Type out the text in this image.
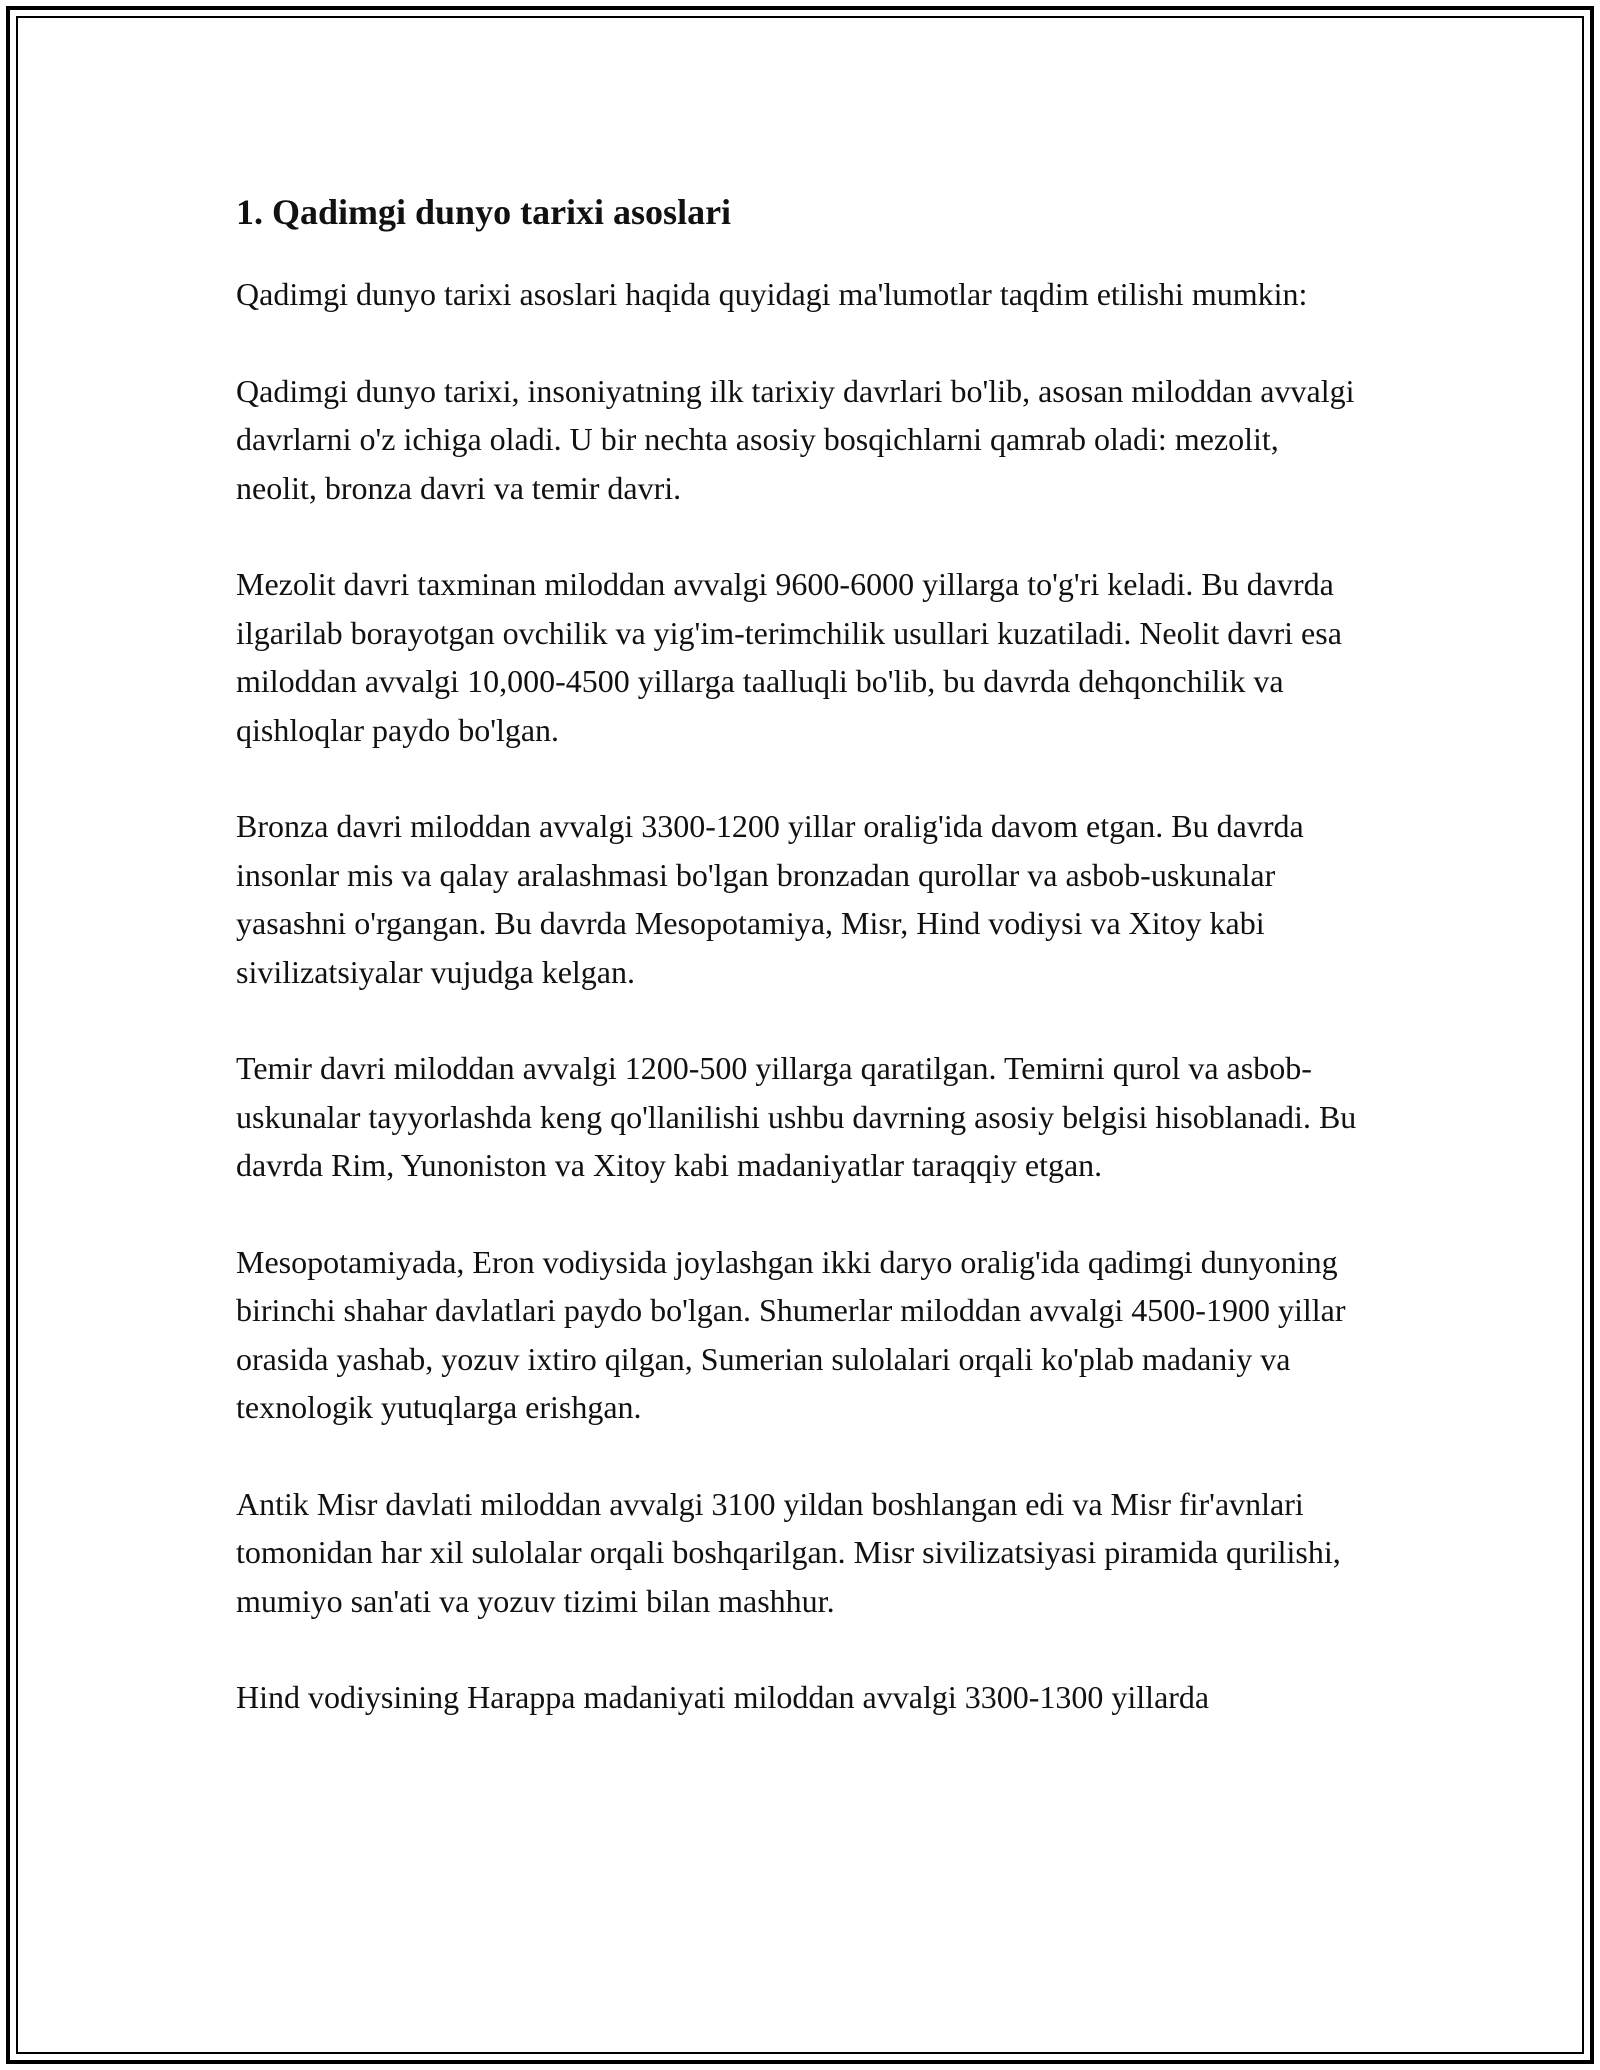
1. Qadimgi dunyo tarixi asoslari

Qadimgi dunyo tarixi asoslari haqida quyidagi ma'lumotlar taqdim etilishi mumkin:

Qadimgi dunyo tarixi, insoniyatning ilk tarixiy davrlari bo'lib, asosan miloddan avvalgi davrlarni o'z ichiga oladi. U bir nechta asosiy bosqichlarni qamrab oladi: mezolit, neolit, bronza davri va temir davri.

Mezolit davri taxminan miloddan avvalgi 9600-6000 yillarga to'g'ri keladi. Bu davrda ilgarilab borayotgan ovchilik va yig'im-terimchilik usullari kuzatiladi. Neolit davri esa miloddan avvalgi 10,000-4500 yillarga taalluqli bo'lib, bu davrda dehqonchilik va qishloqlar paydo bo'lgan.

Bronza davri miloddan avvalgi 3300-1200 yillar oralig'ida davom etgan. Bu davrda insonlar mis va qalay aralashmasi bo'lgan bronzadan qurollar va asbob-uskunalar yasashni o'rgangan. Bu davrda Mesopotamiya, Misr, Hind vodiysi va Xitoy kabi sivilizatsiyalar vujudga kelgan.

Temir davri miloddan avvalgi 1200-500 yillarga qaratilgan. Temirni qurol va asbob-uskunalar tayyorlashda keng qo'llanilishi ushbu davrning asosiy belgisi hisoblanadi. Bu davrda Rim, Yunoniston va Xitoy kabi madaniyatlar taraqqiy etgan.

Mesopotamiyada, Eron vodiysida joylashgan ikki daryo oralig'ida qadimgi dunyoning birinchi shahar davlatlari paydo bo'lgan. Shumerlar miloddan avvalgi 4500-1900 yillar orasida yashab, yozuv ixtiro qilgan, Sumerian sulolalari orqali ko'plab madaniy va texnologik yutuqlarga erishgan.

Antik Misr davlati miloddan avvalgi 3100 yildan boshlangan edi va Misr fir'avnlari tomonidan har xil sulolalar orqali boshqarilgan. Misr sivilizatsiyasi piramida qurilishi, mumiyo san'ati va yozuv tizimi bilan mashhur.

Hind vodiysining Harappa madaniyati miloddan avvalgi 3300-1300 yillarda
